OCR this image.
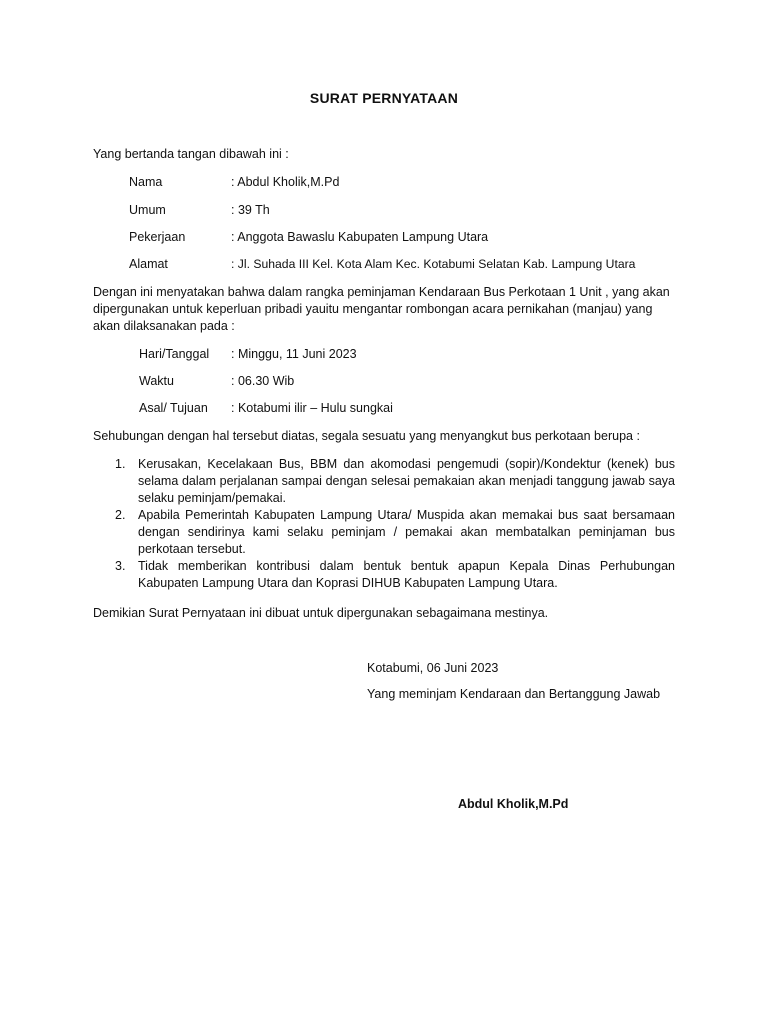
SURAT PERNYATAAN
Yang bertanda tangan dibawah ini :
Nama	: Abdul Kholik,M.Pd
Umum	: 39 Th
Pekerjaan	: Anggota Bawaslu Kabupaten Lampung Utara
Alamat	: Jl. Suhada III Kel. Kota Alam Kec. Kotabumi Selatan Kab. Lampung Utara
Dengan ini menyatakan bahwa dalam rangka peminjaman Kendaraan Bus Perkotaan 1 Unit , yang akan dipergunakan untuk keperluan pribadi yauitu mengantar rombongan acara pernikahan (manjau) yang akan dilaksanakan pada :
Hari/Tanggal : Minggu, 11 Juni 2023
Waktu	: 06.30 Wib
Asal/ Tujuan : Kotabumi ilir – Hulu sungkai
Sehubungan dengan hal tersebut diatas, segala sesuatu yang menyangkut bus perkotaan berupa :
1. Kerusakan, Kecelakaan Bus, BBM dan akomodasi pengemudi (sopir)/Kondektur (kenek) bus selama dalam perjalanan sampai dengan selesai pemakaian akan menjadi tanggung jawab saya selaku peminjam/pemakai.
2. Apabila Pemerintah Kabupaten Lampung Utara/ Muspida akan memakai bus saat bersamaan dengan sendirinya kami selaku peminjam / pemakai akan membatalkan peminjaman bus perkotaan tersebut.
3. Tidak memberikan kontribusi dalam bentuk bentuk apapun Kepala Dinas Perhubungan Kabupaten Lampung Utara dan Koprasi DIHUB Kabupaten Lampung Utara.
Demikian Surat Pernyataan ini dibuat untuk dipergunakan sebagaimana mestinya.
Kotabumi, 06 Juni 2023
Yang meminjam Kendaraan dan Bertanggung Jawab
Abdul Kholik,M.Pd
